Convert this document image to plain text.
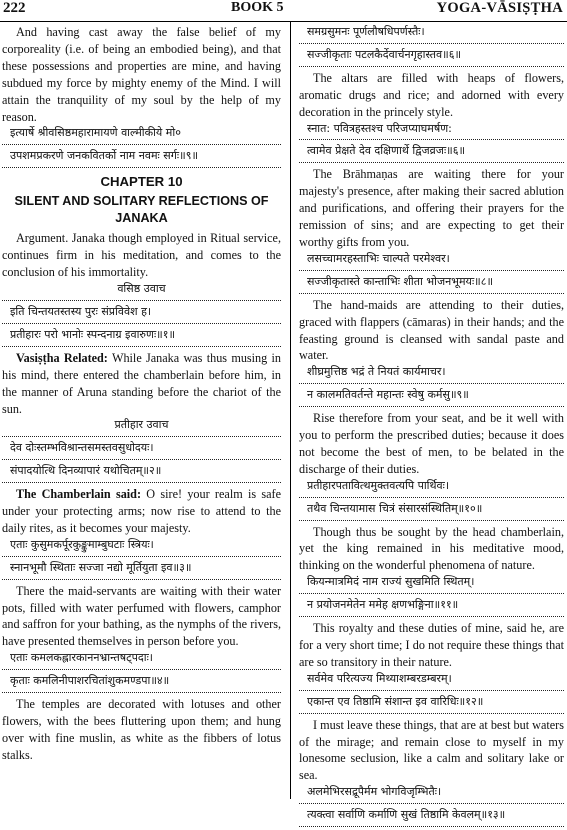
222	BOOK 5	YOGA-VĀSIṢṬHA

And having cast away the false belief of my corporeality (i.e. of being an embodied being), and that these possessions and properties are mine, and having subdued my force by mighty enemy of the Mind. I will attain the tranquility of my soul by the help of my reason.

इत्यार्षे श्रीवसिष्ठमहारामायणे वाल्मीकीये मो०
उपशमप्रकरणे जनकवितर्को नाम नवमः सर्गः॥९॥
CHAPTER 10
SILENT AND SOLITARY REFLECTIONS OF JANAKA

Argument. Janaka though employed in Ritual service, continues firm in his meditation, and comes to the conclusion of his immortality.

वसिष्ठ उवाच
इति चिन्तयतस्तस्य पुरः संप्रविवेश ह।
प्रतीहारः परो भानोः स्पन्दनाग्र इवारुणः॥१॥

Vasiṣṭha Related: While Janaka was thus musing in his mind, there entered the chamberlain before him, in the manner of Aruna standing before the chariot of the sun.

प्रतीहार उवाच
देव दोःस्तम्भविश्रान्तसमस्तवसुधोदयः।
संपादयोत्थि दिनव्यापारं यथोचितम्॥२॥

The Chamberlain said: O sire! your realm is safe under your protecting arms; now rise to attend to the daily rites, as it becomes your majesty.

एताः कुसुमकर्पूरकुङ्कुमाम्बुघटाः स्त्रियः।
स्नानभूमौ स्थिताः सज्जा नद्यो मूर्तियुता इव॥३॥

There the maid-servants are waiting with their water pots, filled with water perfumed with flowers, camphor and saffron for your bathing, as the nymphs of the rivers, have presented themselves in person before you.

एताः कमलकह्लारकाननभ्रान्तषट्पदाः।
कृताः कमलिनीपाशरचितांशुकमण्डपा॥४॥

The temples are decorated with lotuses and other flowers, with the bees fluttering upon them; and hung over with fine muslin, as white as the fibbers of lotus stalks.

समग्रसुमनः पूर्णलौषधिपर्णस्तैः।
सज्जीकृताः पटलकैर्देवार्चनगृहास्तव॥६॥

The altars are filled with heaps of flowers, aromatic drugs and rice; and adorned with every decoration in the princely style.

स्नात: पवित्रहस्तश्च परिजप्याघमर्षण:
त्वामेव प्रेक्षते देव दक्षिणार्थे द्विजव्रजः॥६॥

The Brāhmaṇas are waiting there for your majesty's presence, after making their sacred ablution and purifications, and offering their prayers for the remission of sins; and are expecting to get their worthy gifts from you.

लसच्चामरहस्ताभिः चाल्पते परमेश्वर।
सज्जीकृतास्ते कान्ताभिः शीता भोजनभूमयः॥८॥

The hand-maids are attending to their duties, graced with flappers (cāmaras) in their hands; and the feasting ground is cleansed with sandal paste and water.

शीघ्रमुत्तिष्ठ भद्रं ते नियतं कार्यमाचर।
न कालमतिवर्तन्ते महान्तः स्वेषु कर्मसु॥९॥

Rise therefore from your seat, and be it well with you to perform the prescribed duties; because it does not become the best of men, to be belated in the discharge of their duties.

प्रतीहारपतावित्थमुक्तवत्यपि पार्थिवः।
तथैव चिन्तयामास चित्रं संसारसंस्थितिम्॥१०॥

Though thus be sought by the head chamberlain, yet the king remained in his meditative mood, thinking on the wonderful phenomena of nature.

कियन्मात्रमिदं नाम राज्यं सुखमिति स्थितम्।
न प्रयोजनमेतेन ममेह क्षणभङ्गिना॥११॥

This royalty and these duties of mine, said he, are for a very short time; I do not require these things that are so transitory in their nature.

सर्वमेव परित्यज्य मिथ्याशम्बरडम्बरम्।
एकान्त एव तिष्ठामि संशान्त इव वारिधिः॥१२॥

I must leave these things, that are at best but waters of the mirage; and remain close to myself in my lonesome seclusion, like a calm and solitary lake or sea.

अलमेभिरसद्रूपैर्मम भोगविजृम्भितैः।
त्यक्त्वा सर्वाणि कर्माणि सुखं तिष्ठामि केवलम्॥१३॥
